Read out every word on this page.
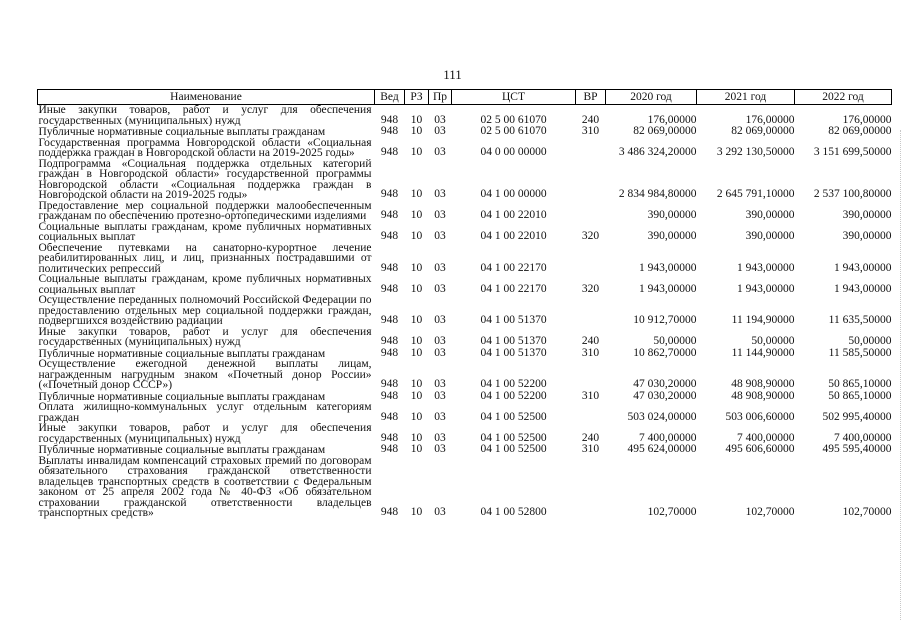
111
Наименование	Вед	РЗ	Пр	ЦСТ	ВР	2020 год	2021 год	2022 год
Иные закупки товаров, работ и услуг для обеспечения государственных (муниципальных) нужд	948	10	03	02 5 00 61070	240	176,00000	176,00000	176,00000
Публичные нормативные социальные выплаты гражданам	948	10	03	02 5 00 61070	310	82 069,00000	82 069,00000	82 069,00000
Государственная программа Новгородской области «Социальная поддержка граждан в Новгородской области на 2019-2025 годы»	948	10	03	04 0 00 00000		3 486 324,20000	3 292 130,50000	3 151 699,50000
Подпрограмма «Социальная поддержка отдельных категорий граждан в Новгородской области» государственной программы Новгородской области «Социальная поддержка граждан в Новгородской области на 2019-2025 годы»	948	10	03	04 1 00 00000		2 834 984,80000	2 645 791,10000	2 537 100,80000
Предоставление мер социальной поддержки малообеспеченным гражданам по обеспечению протезно-ортопедическими изделиями	948	10	03	04 1 00 22010		390,00000	390,00000	390,00000
Социальные выплаты гражданам, кроме публичных нормативных социальных выплат	948	10	03	04 1 00 22010	320	390,00000	390,00000	390,00000
Обеспечение путевками на санаторно-курортное лечение реабилитированных лиц, и лиц, признанных пострадавшими от политических репрессий	948	10	03	04 1 00 22170		1 943,00000	1 943,00000	1 943,00000
Социальные выплаты гражданам, кроме публичных нормативных социальных выплат	948	10	03	04 1 00 22170	320	1 943,00000	1 943,00000	1 943,00000
Осуществление переданных полномочий Российской Федерации по предоставлению отдельных мер социальной поддержки граждан, подвергшихся воздействию радиации	948	10	03	04 1 00 51370		10 912,70000	11 194,90000	11 635,50000
Иные закупки товаров, работ и услуг для обеспечения государственных (муниципальных) нужд	948	10	03	04 1 00 51370	240	50,00000	50,00000	50,00000
Публичные нормативные социальные выплаты гражданам	948	10	03	04 1 00 51370	310	10 862,70000	11 144,90000	11 585,50000
Осуществление ежегодной денежной выплаты лицам, награжденным нагрудным знаком «Почетный донор России» («Почетный донор СССР»)	948	10	03	04 1 00 52200		47 030,20000	48 908,90000	50 865,10000
Публичные нормативные социальные выплаты гражданам	948	10	03	04 1 00 52200	310	47 030,20000	48 908,90000	50 865,10000
Оплата жилищно-коммунальных услуг отдельным категориям граждан	948	10	03	04 1 00 52500		503 024,00000	503 006,60000	502 995,40000
Иные закупки товаров, работ и услуг для обеспечения государственных (муниципальных) нужд	948	10	03	04 1 00 52500	240	7 400,00000	7 400,00000	7 400,00000
Публичные нормативные социальные выплаты гражданам	948	10	03	04 1 00 52500	310	495 624,00000	495 606,60000	495 595,40000
Выплаты инвалидам компенсаций страховых премий по договорам обязательного страхования гражданской ответственности владельцев транспортных средств в соответствии с Федеральным законом от 25 апреля 2002 года № 40-ФЗ «Об обязательном страховании гражданской ответственности владельцев транспортных средств»	948	10	03	04 1 00 52800		102,70000	102,70000	102,70000
